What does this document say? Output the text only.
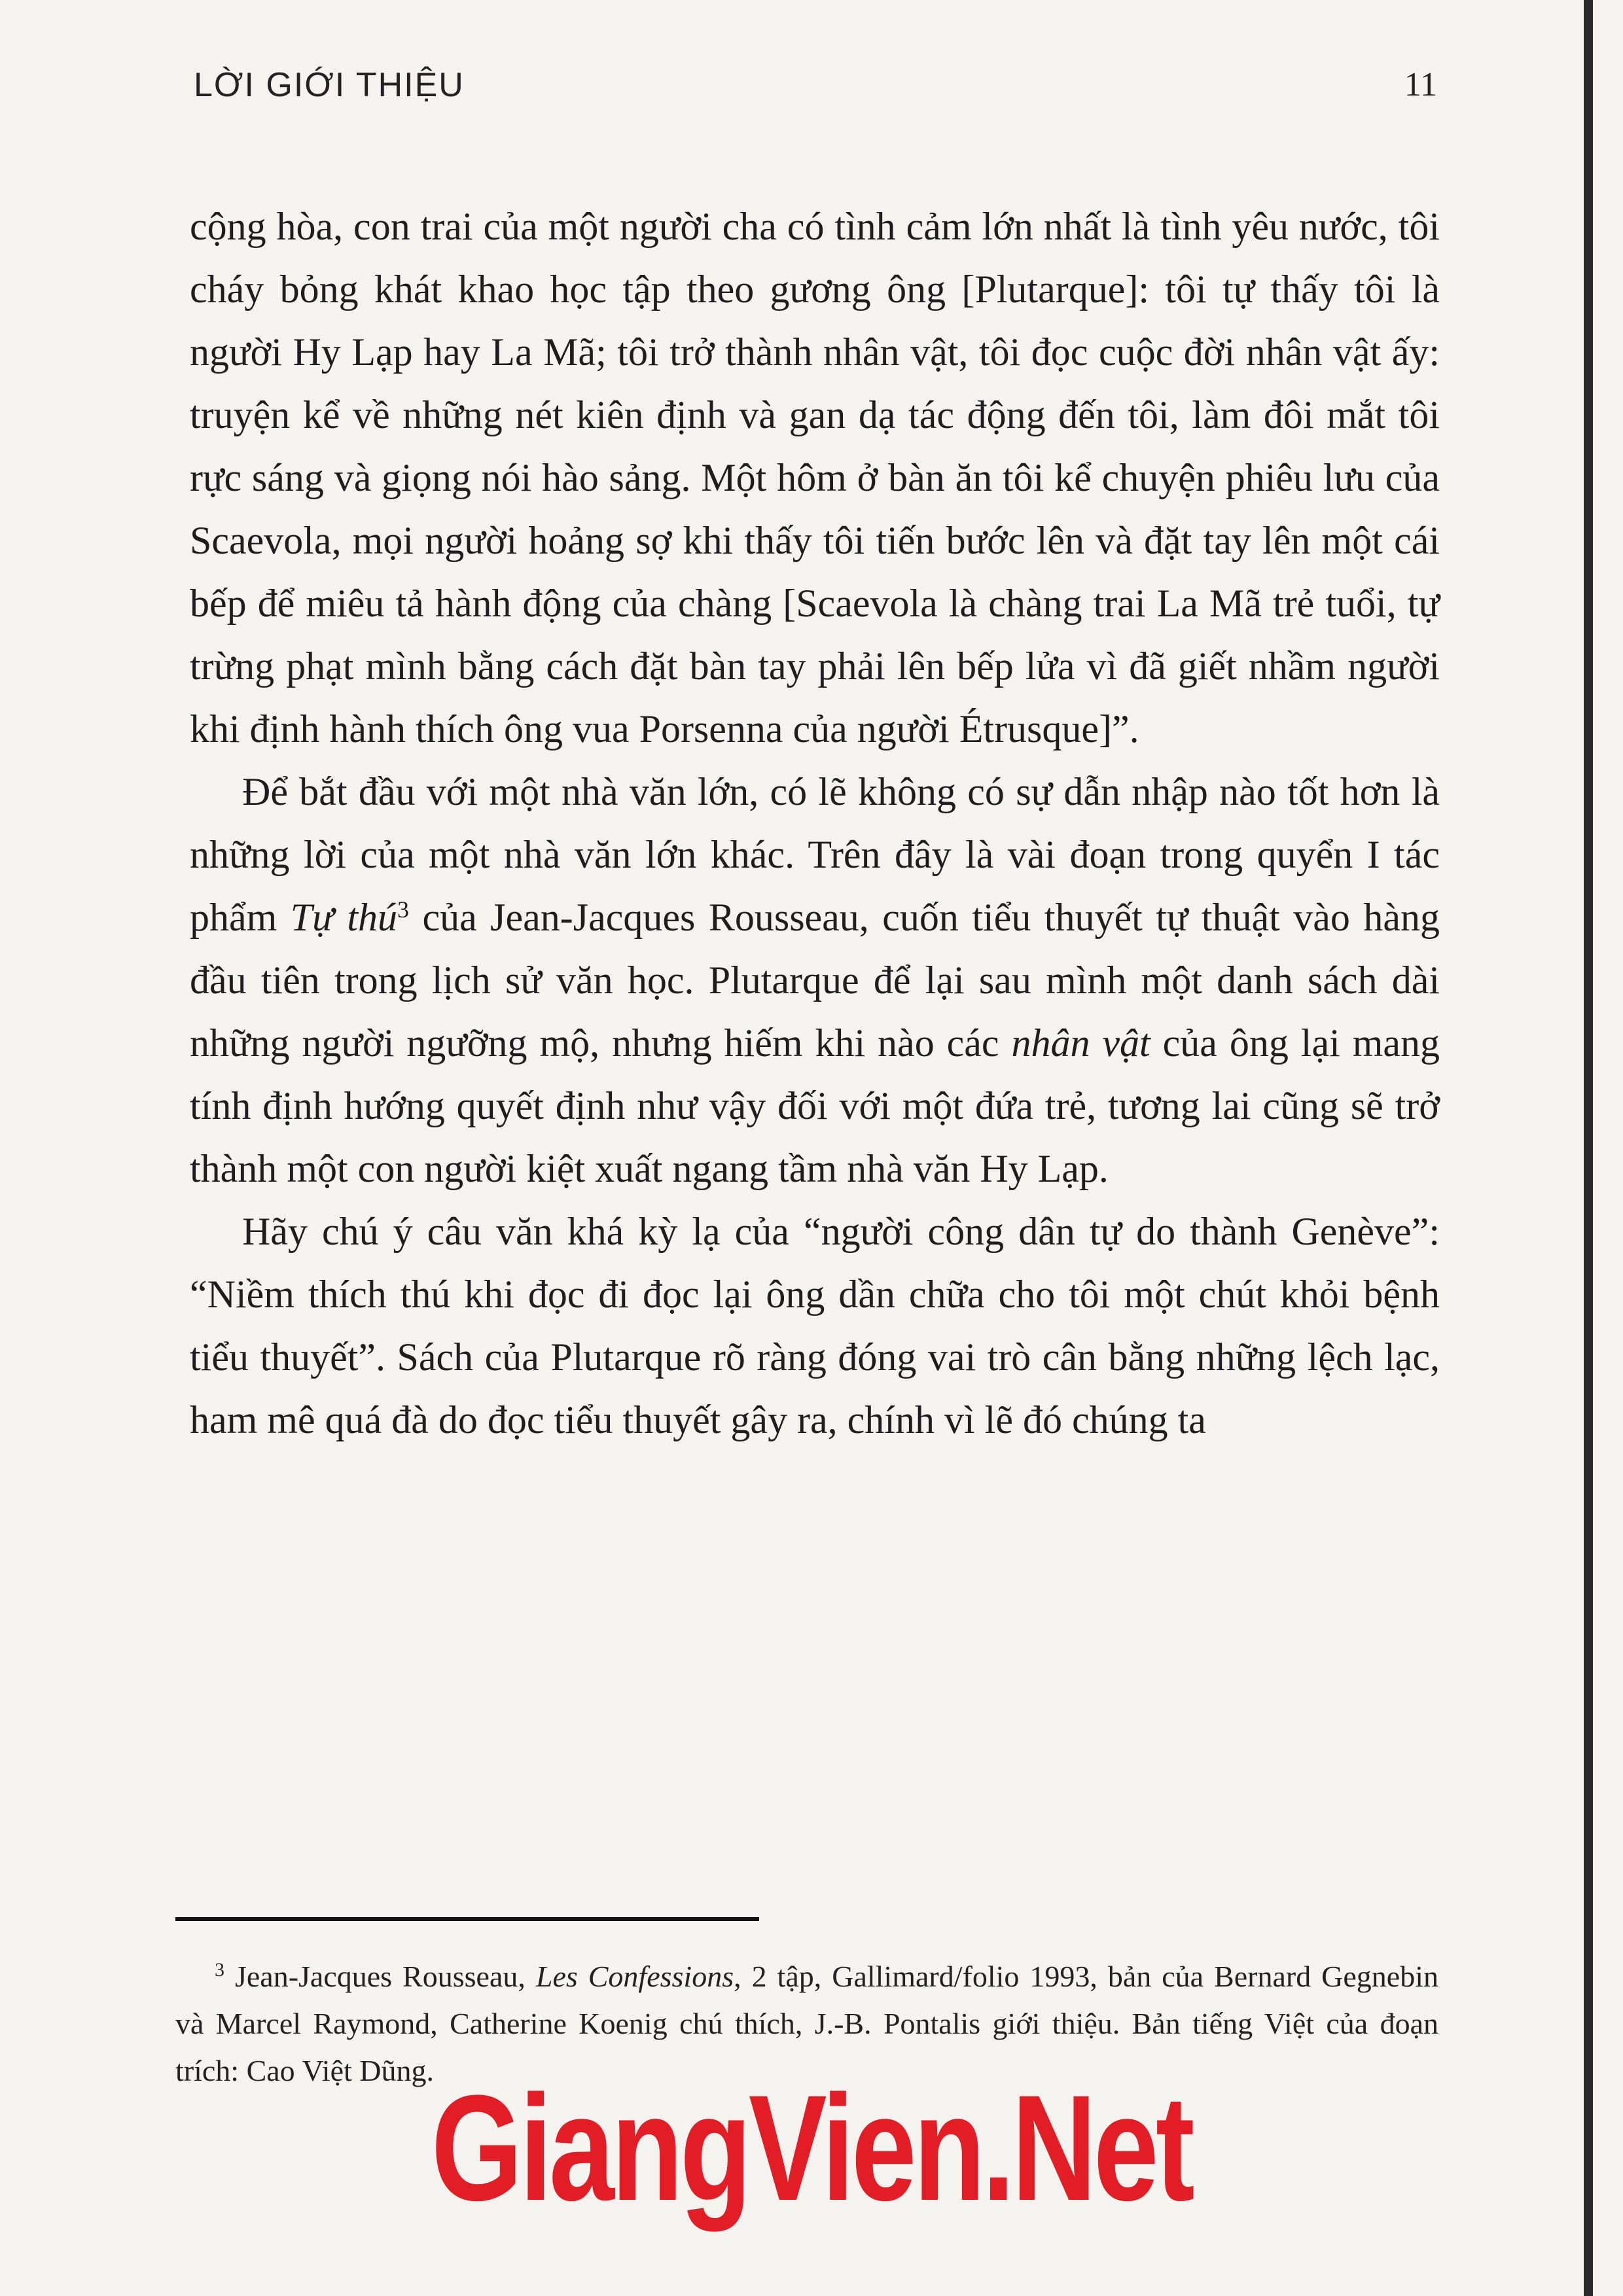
LỜI GIỚI THIỆU	11

cộng hòa, con trai của một người cha có tình cảm lớn nhất là tình yêu nước, tôi cháy bỏng khát khao học tập theo gương ông [Plutarque]: tôi tự thấy tôi là người Hy Lạp hay La Mã; tôi trở thành nhân vật, tôi đọc cuộc đời nhân vật ấy: truyện kể về những nét kiên định và gan dạ tác động đến tôi, làm đôi mắt tôi rực sáng và giọng nói hào sảng. Một hôm ở bàn ăn tôi kể chuyện phiêu lưu của Scaevola, mọi người hoảng sợ khi thấy tôi tiến bước lên và đặt tay lên một cái bếp để miêu tả hành động của chàng [Scaevola là chàng trai La Mã trẻ tuổi, tự trừng phạt mình bằng cách đặt bàn tay phải lên bếp lửa vì đã giết nhầm người khi định hành thích ông vua Porsenna của người Étrusque]”.

Để bắt đầu với một nhà văn lớn, có lẽ không có sự dẫn nhập nào tốt hơn là những lời của một nhà văn lớn khác. Trên đây là vài đoạn trong quyển I tác phẩm Tự thú$^3$ của Jean-Jacques Rousseau, cuốn tiểu thuyết tự thuật vào hàng đầu tiên trong lịch sử văn học. Plutarque để lại sau mình một danh sách dài những người ngưỡng mộ, nhưng hiếm khi nào các nhân vật của ông lại mang tính định hướng quyết định như vậy đối với một đứa trẻ, tương lai cũng sẽ trở thành một con người kiệt xuất ngang tầm nhà văn Hy Lạp.

Hãy chú ý câu văn khá kỳ lạ của “người công dân tự do thành Genève”: “Niềm thích thú khi đọc đi đọc lại ông dần chữa cho tôi một chút khỏi bệnh tiểu thuyết”. Sách của Plutarque rõ ràng đóng vai trò cân bằng những lệch lạc, ham mê quá đà do đọc tiểu thuyết gây ra, chính vì lẽ đó chúng ta

$^3$ Jean-Jacques Rousseau, Les Confessions, 2 tập, Gallimard/folio 1993, bản của Bernard Gegnebin và Marcel Raymond, Catherine Koenig chú thích, J.-B. Pontalis giới thiệu. Bản tiếng Việt của đoạn trích: Cao Việt Dũng.

GiangVien.Net
